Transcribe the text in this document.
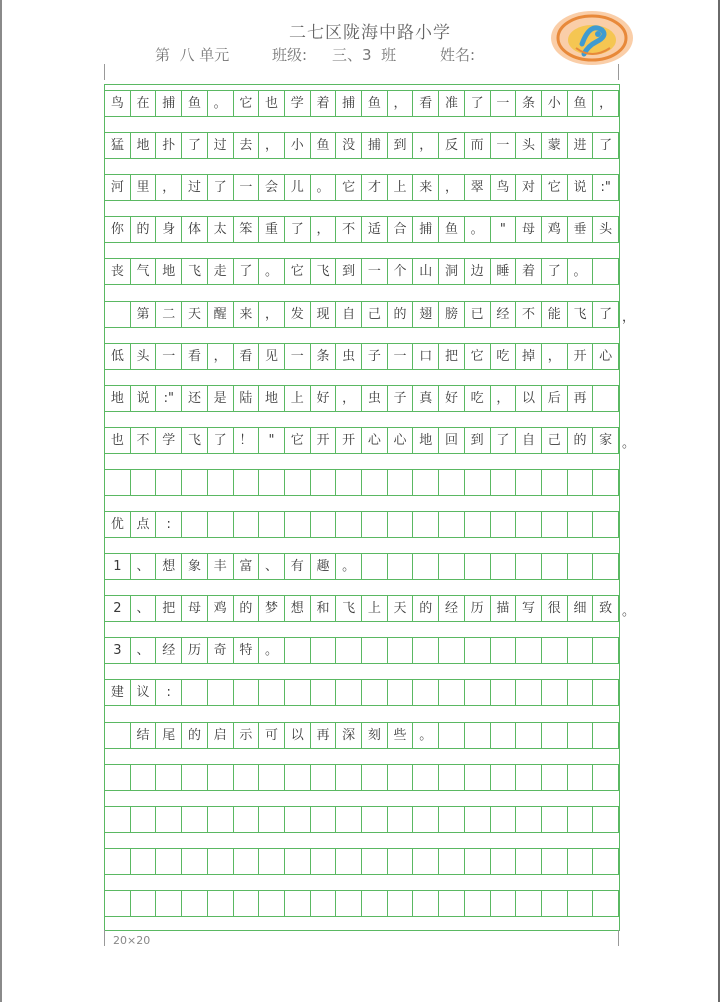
二七区陇海中路小学
第  八 单元	班级: 三、3  班	姓名:
鸟 在 捕 鱼 。 它 也 学 着 捕 鱼 ， 看 准 了 一 条 小 鱼 ，
猛 地 扑 了 过 去 ， 小 鱼 没 捕 到 ， 反 而 一 头 蒙 进 了
河 里 ， 过 了 一 会 儿 。 它 才 上 来 ， 翠 鸟 对 它 说	:"
你 的 身 体 太 笨 重 了 ， 不 适 合 捕 鱼 。	"	母 鸡 垂 头
丧 气 地 飞 走 了 。 它 飞 到 一 个 山 洞 边 睡 着 了 。
第 二 天 醒 来 ， 发 现 自 己 的 翅 膀 已 经 不 能 飞 了 ，
低 头 一 看 ， 看 见 一 条 虫 子 一 口 把 它 吃 掉 ， 开 心
地 说	:"	还 是 陆 地 上 好 ， 虫 子 真 好 吃 ， 以 后 再
也 不 学 飞 了 ！	"	它 开 开 心 心 地 回 到 了 自 己 的 家 。
优 点	:
1	、 想 象 丰 富 、 有 趣 。
2	、 把 母 鸡 的 梦 想 和 飞 上 天 的 经 历 描 写 很 细 致 。
3	、 经 历 奇 特 。
建 议	:
结 尾 的 启 示 可 以 再 深 刻 些 。
20×20
